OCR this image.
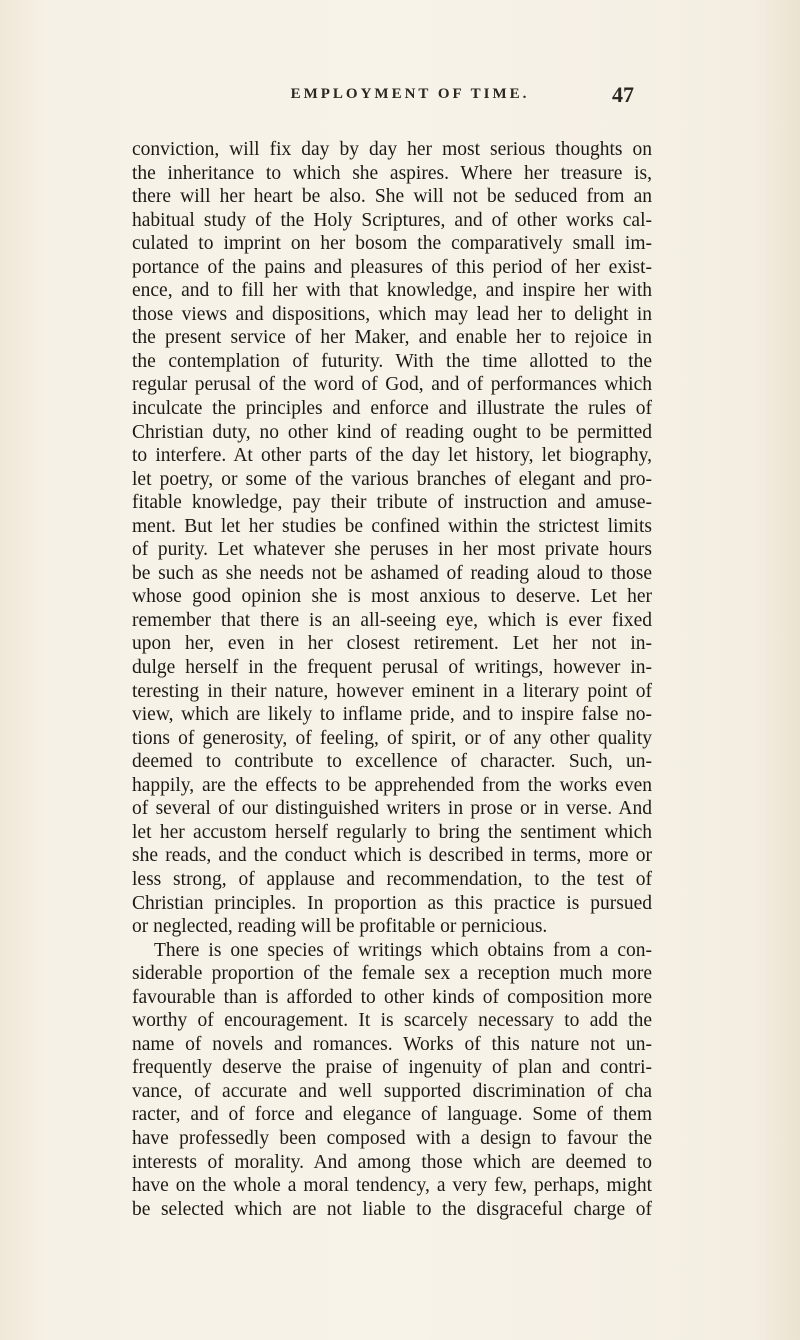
EMPLOYMENT OF TIME.	47
conviction, will fix day by day her most serious thoughts on
the inheritance to which she aspires. Where her treasure is,
there will her heart be also. She will not be seduced from an
habitual study of the Holy Scriptures, and of other works cal-
culated to imprint on her bosom the comparatively small im-
portance of the pains and pleasures of this period of her exist-
ence, and to fill her with that knowledge, and inspire her with
those views and dispositions, which may lead her to delight in
the present service of her Maker, and enable her to rejoice in
the contemplation of futurity. With the time allotted to the
regular perusal of the word of God, and of performances which
inculcate the principles and enforce and illustrate the rules of
Christian duty, no other kind of reading ought to be permitted
to interfere. At other parts of the day let history, let biography,
let poetry, or some of the various branches of elegant and pro-
fitable knowledge, pay their tribute of instruction and amuse-
ment. But let her studies be confined within the strictest limits
of purity. Let whatever she peruses in her most private hours
be such as she needs not be ashamed of reading aloud to those
whose good opinion she is most anxious to deserve. Let her
remember that there is an all-seeing eye, which is ever fixed
upon her, even in her closest retirement. Let her not in-
dulge herself in the frequent perusal of writings, however in-
teresting in their nature, however eminent in a literary point of
view, which are likely to inflame pride, and to inspire false no-
tions of generosity, of feeling, of spirit, or of any other quality
deemed to contribute to excellence of character. Such, un-
happily, are the effects to be apprehended from the works even
of several of our distinguished writers in prose or in verse. And
let her accustom herself regularly to bring the sentiment which
she reads, and the conduct which is described in terms, more or
less strong, of applause and recommendation, to the test of
Christian principles. In proportion as this practice is pursued
or neglected, reading will be profitable or pernicious.
There is one species of writings which obtains from a con-
siderable proportion of the female sex a reception much more
favourable than is afforded to other kinds of composition more
worthy of encouragement. It is scarcely necessary to add the
name of novels and romances. Works of this nature not un-
frequently deserve the praise of ingenuity of plan and contri-
vance, of accurate and well supported discrimination of cha
racter, and of force and elegance of language. Some of them
have professedly been composed with a design to favour the
interests of morality. And among those which are deemed to
have on the whole a moral tendency, a very few, perhaps, might
be selected which are not liable to the disgraceful charge of
